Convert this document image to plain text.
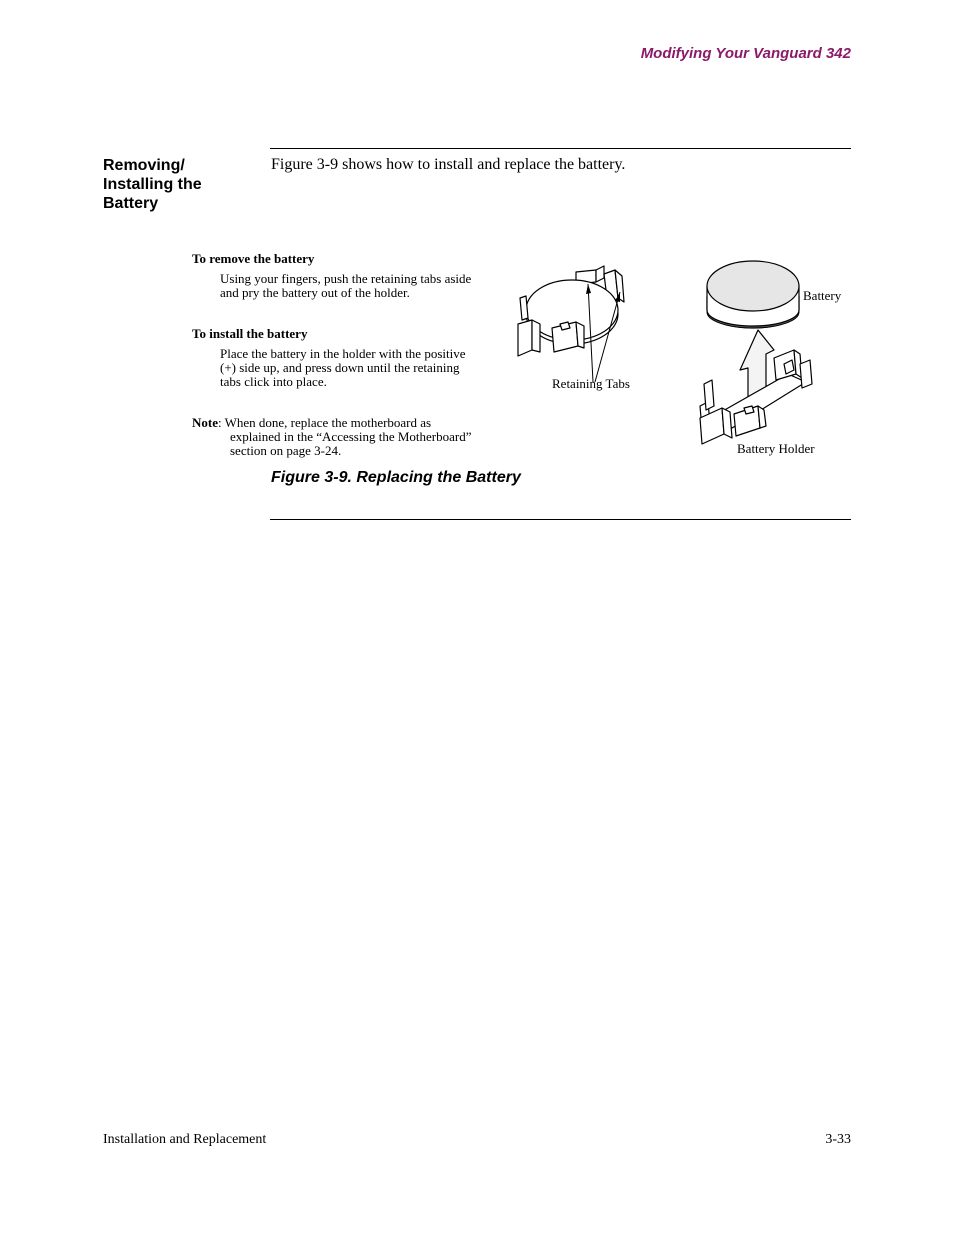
Modifying Your Vanguard 342
Removing/
Installing the
Battery
Figure 3-9 shows how to install and replace the battery.
To remove the battery
Using your fingers, push the retaining tabs aside
and pry the battery out of the holder.
To install the battery
Place the battery in the holder with the positive
(+) side up, and press down until the retaining
tabs click into place.
Note: When done, replace the motherboard as
explained in the “Accessing the Motherboard”
section on page 3-24.
Retaining Tabs
Battery
Battery Holder
Figure 3-9. Replacing the Battery
Installation and Replacement	3-33
